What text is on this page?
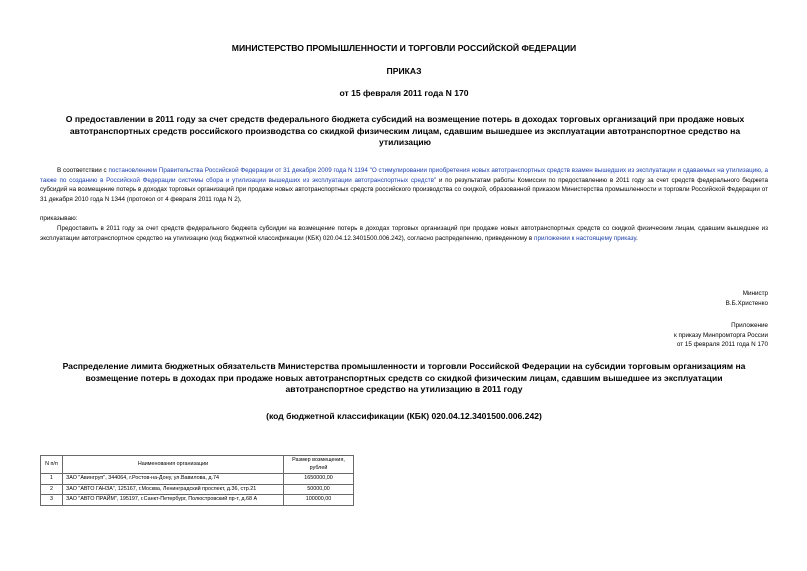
МИНИСТЕРСТВО ПРОМЫШЛЕННОСТИ И ТОРГОВЛИ РОССИЙСКОЙ ФЕДЕРАЦИИ
ПРИКАЗ
от 15 февраля 2011 года N 170
О предоставлении в 2011 году за счет средств федерального бюджета субсидий на возмещение потерь в доходах торговых организаций при продаже новых автотранспортных средств российского производства со скидкой физическим лицам, сдавшим вышедшее из эксплуатации автотранспортное средство на утилизацию
В соответствии с постановлением Правительства Российской Федерации от 31 декабря 2009 года N 1194 "О стимулировании приобретения новых автотранспортных средств взамен вышедших из эксплуатации и сдаваемых на утилизацию, а также по созданию в Российской Федерации системы сбора и утилизации вышедших из эксплуатации автотранспортных средств" и по результатам работы Комиссии по предоставлению в 2011 году за счет средств федерального бюджета субсидий на возмещение потерь в доходах торговых организаций при продаже новых автотранспортных средств российского производства со скидкой, образованной приказом Министерства промышленности и торговли Российской Федерации от 31 декабря 2010 года N 1344 (протокол от 4 февраля 2011 года N 2),
приказываю:
Предоставить в 2011 году за счет средств федерального бюджета субсидии на возмещение потерь в доходах торговых организаций при продаже новых автотранспортных средств со скидкой физическим лицам, сдавшим вышедшее из эксплуатации автотранспортное средство на утилизацию (код бюджетной классификации (КБК) 020.04.12.3401500.006.242), согласно распределению, приведенному в приложении к настоящему приказу.
Министр
В.Б.Христенко
Приложение
к приказу Минпромторга России
от 15 февраля 2011 года N 170
Распределение лимита бюджетных обязательств Министерства промышленности и торговли Российской Федерации на субсидии торговым организациям на возмещение потерь в доходах при продаже новых автотранспортных средств со скидкой физическим лицам, сдавшим вышедшее из эксплуатации автотранспортное средство на утилизацию в 2011 году
(код бюджетной классификации (КБК) 020.04.12.3401500.006.242)
N п/п	Наименования организации	Размер возмещения, рублей
1	ЗАО "Авингруп", 344064, г.Ростов-на-Дону, ул.Вавилова, д.74	1650000,00
2	ЗАО "АВТО ГАНЗА", 125167, г.Москва, Ленинградский проспект, д.36, стр.21	50000,00
3	ЗАО "АВТО ПРАЙМ", 195197, г.Санкт-Петербург, Полюстровский пр-т, д.68 А	100000,00
